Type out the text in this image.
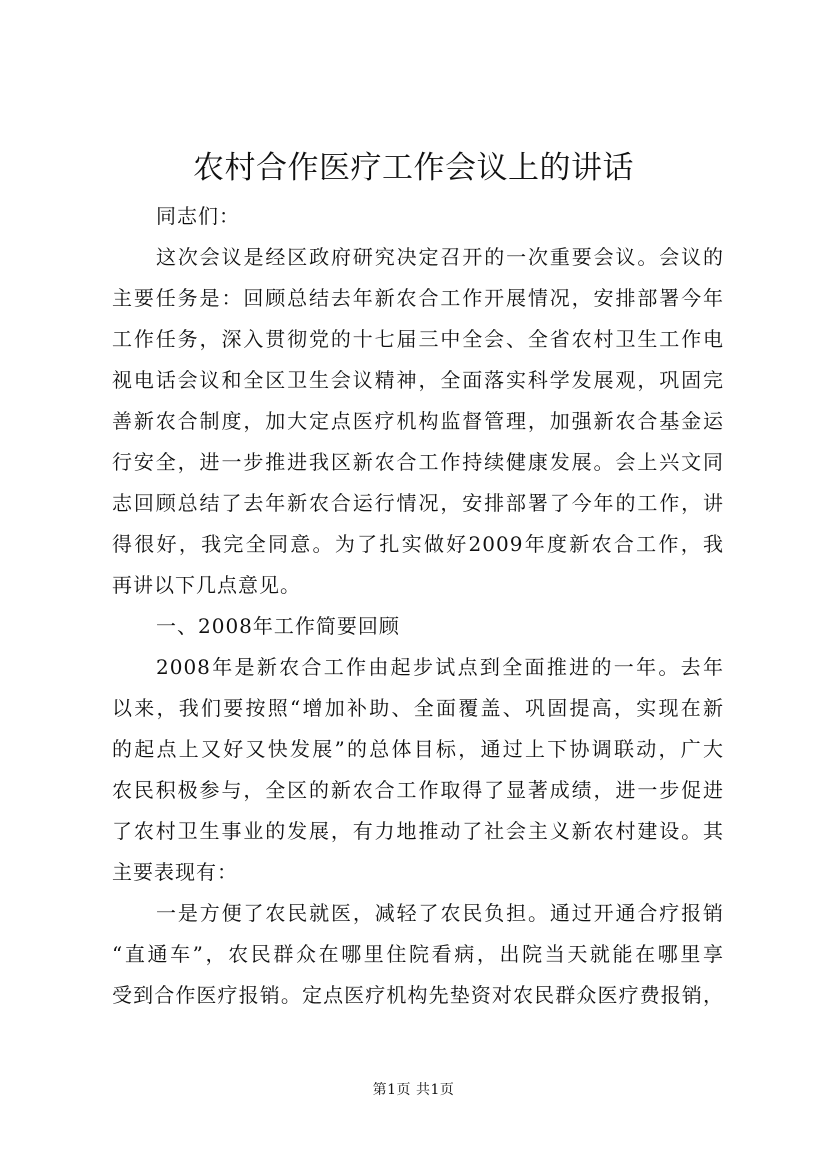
农村合作医疗工作会议上的讲话
同志们：
这次会议是经区政府研究决定召开的一次重要会议。会议的
主要任务是：回顾总结去年新农合工作开展情况，安排部署今年
工作任务，深入贯彻党的十七届三中全会、全省农村卫生工作电
视电话会议和全区卫生会议精神，全面落实科学发展观，巩固完
善新农合制度，加大定点医疗机构监督管理，加强新农合基金运
行安全，进一步推进我区新农合工作持续健康发展。会上兴文同
志回顾总结了去年新农合运行情况，安排部署了今年的工作，讲
得很好，我完全同意。为了扎实做好2009年度新农合工作，我
再讲以下几点意见。
一、2008年工作简要回顾
2008年是新农合工作由起步试点到全面推进的一年。去年
以来，我们要按照“增加补助、全面覆盖、巩固提高，实现在新
的起点上又好又快发展”的总体目标，通过上下协调联动，广大
农民积极参与，全区的新农合工作取得了显著成绩，进一步促进
了农村卫生事业的发展，有力地推动了社会主义新农村建设。其
主要表现有：
一是方便了农民就医，减轻了农民负担。通过开通合疗报销
“直通车”，农民群众在哪里住院看病，出院当天就能在哪里享
受到合作医疗报销。定点医疗机构先垫资对农民群众医疗费报销，
第1页 共1页
